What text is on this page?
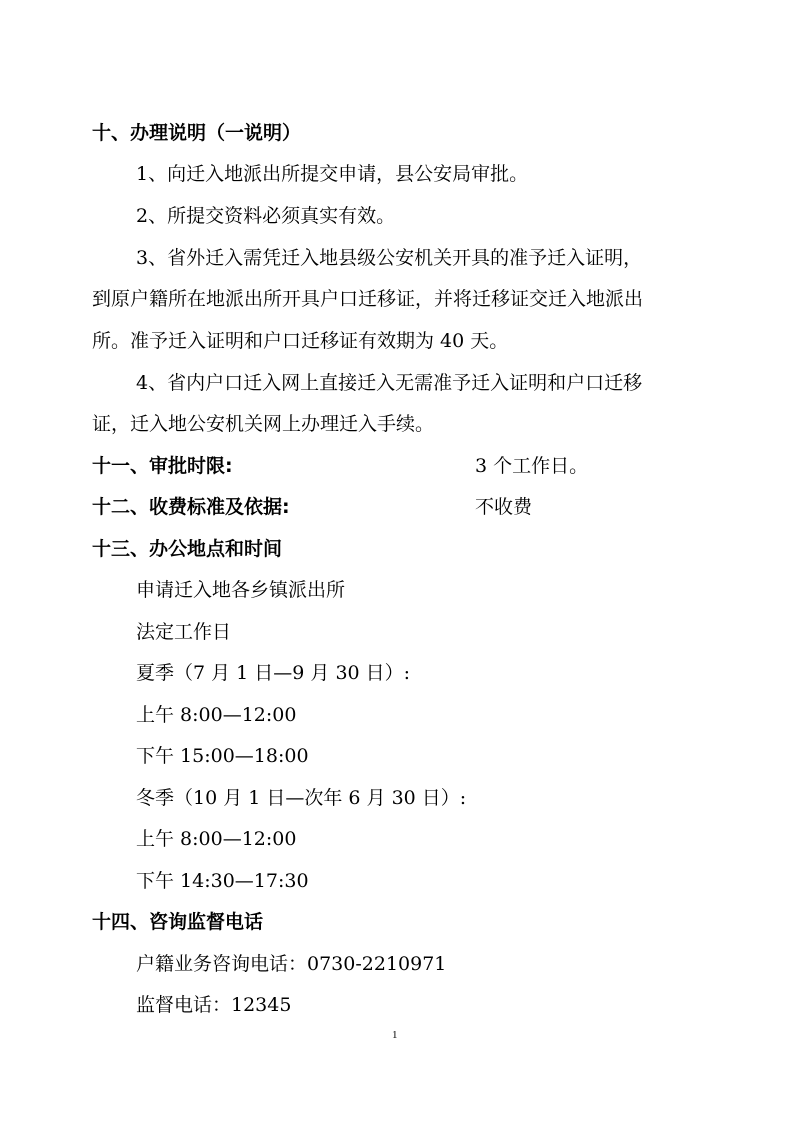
十、办理说明（一说明）
1、向迁入地派出所提交申请，县公安局审批。
2、所提交资料必须真实有效。
3、省外迁入需凭迁入地县级公安机关开具的准予迁入证明，
到原户籍所在地派出所开具户口迁移证，并将迁移证交迁入地派出
所。准予迁入证明和户口迁移证有效期为 40 天。
4、省内户口迁入网上直接迁入无需准予迁入证明和户口迁移
证，迁入地公安机关网上办理迁入手续。
十一、审批时限:	3 个工作日。
十二、收费标准及依据:	不收费
十三、办公地点和时间
申请迁入地各乡镇派出所
法定工作日
夏季（7 月 1 日—9 月 30 日）:
上午 8:00—12:00
下午 15:00—18:00
冬季（10 月 1 日—次年 6 月 30 日）:
上午 8:00—12:00
下午 14:30—17:30
十四、咨询监督电话
户籍业务咨询电话：0730-2210971
监督电话：12345
1
